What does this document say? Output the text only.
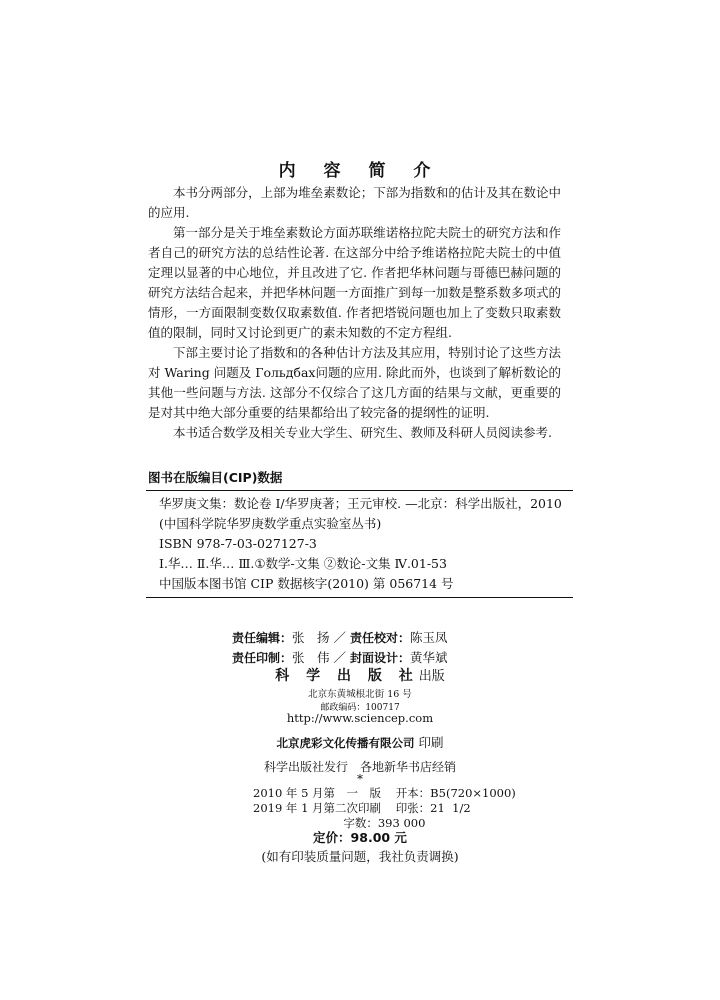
内 容 简 介

本书分两部分，上部为堆垒素数论；下部为指数和的估计及其在数论中的应用.

第一部分是关于堆垒素数论方面苏联维诺格拉陀夫院士的研究方法和作者自己的研究方法的总结性论著. 在这部分中给予维诺格拉陀夫院士的中值定理以显著的中心地位，并且改进了它. 作者把华林问题与哥德巴赫问题的研究方法结合起来，并把华林问题一方面推广到每一加数是整系数多项式的情形，一方面限制变数仅取素数值. 作者把塔锐问题也加上了变数只取素数值的限制，同时又讨论到更广的素未知数的不定方程组.

下部主要讨论了指数和的各种估计方法及其应用，特别讨论了这些方法对 Waring 问题及 Гольдбах问题的应用. 除此而外，也谈到了解析数论的其他一些问题与方法. 这部分不仅综合了这几方面的结果与文献，更重要的是对其中绝大部分重要的结果都给出了较完备的提纲性的证明.

本书适合数学及相关专业大学生、研究生、教师及科研人员阅读参考.

图书在版编目(CIP)数据
华罗庚文集：数论卷 I/华罗庚著；王元审校. —北京：科学出版社，2010
(中国科学院华罗庚数学重点实验室丛书)
ISBN 978-7-03-027127-3
Ⅰ.华… Ⅱ.华… Ⅲ.①数学-文集 ②数论-文集 Ⅳ.01-53
中国版本图书馆 CIP 数据核字(2010) 第 056714 号
责任编辑：张　扬 ／ 责任校对：陈玉凤
责任印制：张　伟 ／ 封面设计：黄华斌
科 学 出 版 社出版
北京东黄城根北街 16 号
邮政编码：100717
http://www.sciencep.com
北京虎彩文化传播有限公司 印刷
科学出版社发行　各地新华书店经销
*
2010 年 5 月第　一　版 开本：B5(720×1000)
2019 年 1 月第二次印刷 印张：21  1/2
字数：393 000
定价：98.00 元
(如有印装质量问题，我社负责调换)
